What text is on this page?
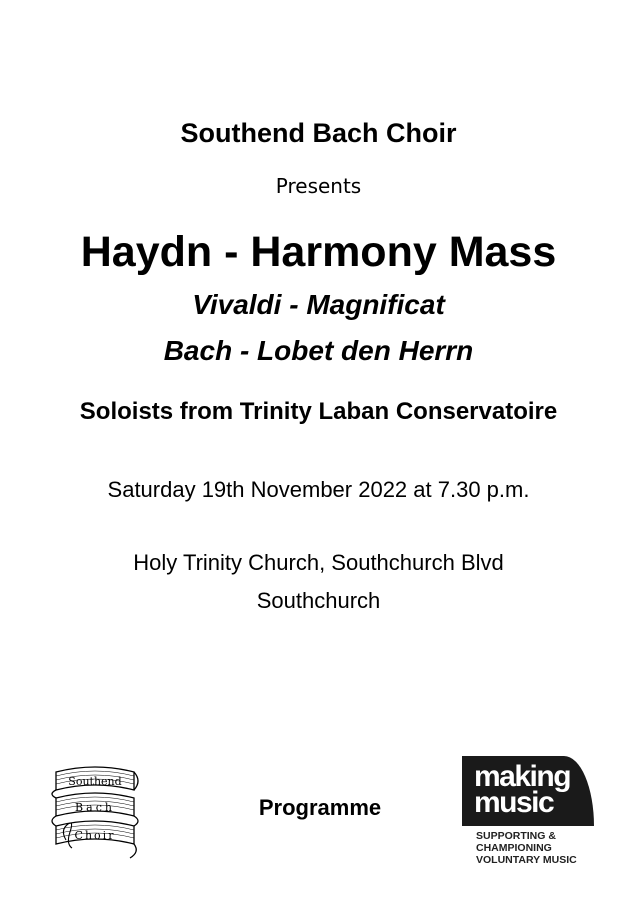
Southend Bach Choir
Presents
Haydn - Harmony Mass
Vivaldi - Magnificat
Bach - Lobet den Herrn
Soloists from Trinity Laban Conservatoire
Saturday 19th November 2022 at 7.30 p.m.
Holy Trinity Church, Southchurch Blvd
Southchurch
Southend
Bach
Choir
Programme
making
music
SUPPORTING &
CHAMPIONING
VOLUNTARY MUSIC
